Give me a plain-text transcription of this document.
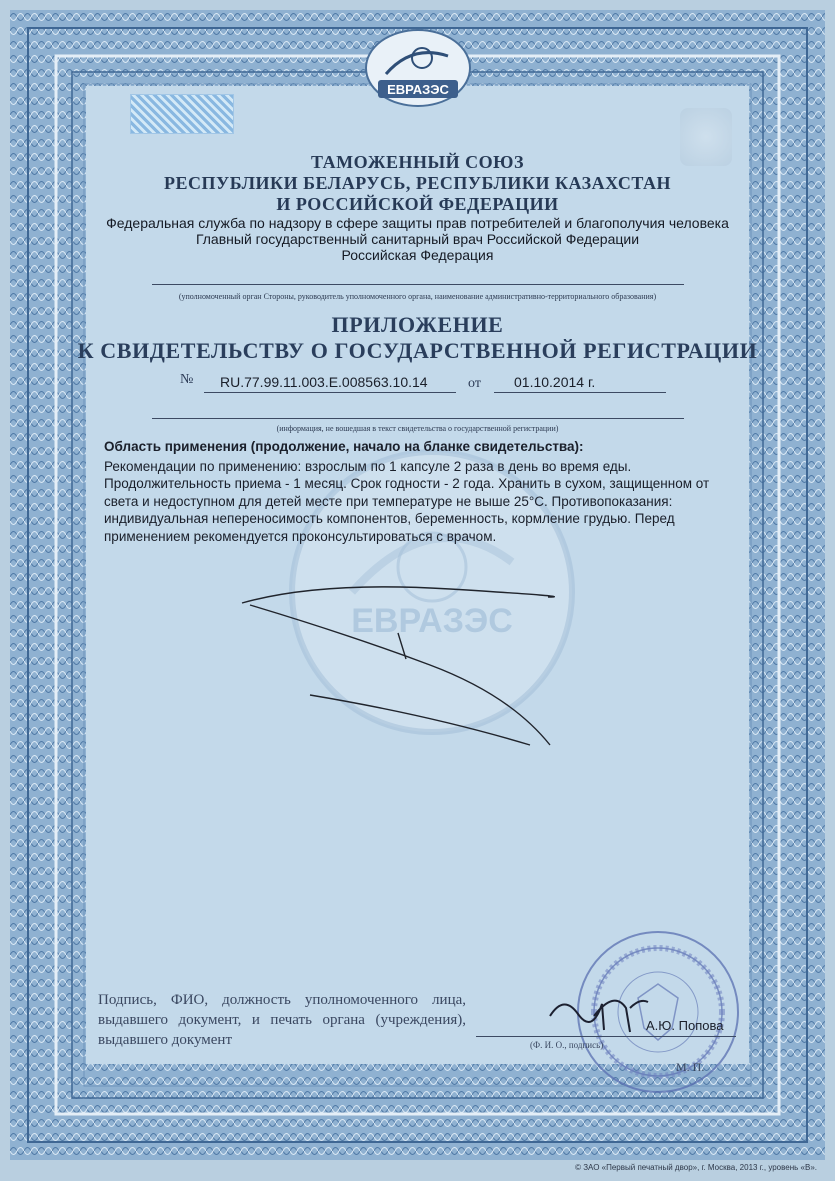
ЕВРАЗЭС
ЕВРАЗЭС

ТАМОЖЕННЫЙ СОЮЗ

РЕСПУБЛИКИ БЕЛАРУСЬ, РЕСПУБЛИКИ КАЗАХСТАН

И РОССИЙСКОЙ ФЕДЕРАЦИИ

Федеральная служба по надзору в сфере защиты прав потребителей и благополучия человека

Главный государственный санитарный врач Российской Федерации

Российская Федерация

(уполномоченный орган Стороны, руководитель уполномоченного органа, наименование административно-территориального образования)

ПРИЛОЖЕНИЕ

К СВИДЕТЕЛЬСТВУ О ГОСУДАРСТВЕННОЙ РЕГИСТРАЦИИ

№ RU.77.99.11.003.E.008563.10.14	от 01.10.2014 г.

(информация, не вошедшая в текст свидетельства о государственной регистрации)

Область применения (продолжение, начало на бланке свидетельства):

Рекомендации по применению: взрослым по 1 капсуле 2 раза в день во время еды. Продолжительность приема - 1 месяц. Срок годности - 2 года. Хранить в сухом, защищенном от света и недоступном для детей месте при температуре не выше 25°С. Противопоказания: индивидуальная непереносимость компонентов, беременность, кормление грудью. Перед применением рекомендуется проконсультироваться с врачом.

Подпись, ФИО, должность уполномоченного лица, выдавшего документ, и печать органа (учреждения), выдавшего документ
А.Ю. Попова
(Ф. И. О., подпись)
М. П.
© ЗАО «Первый печатный двор», г. Москва, 2013 г., уровень «В».
